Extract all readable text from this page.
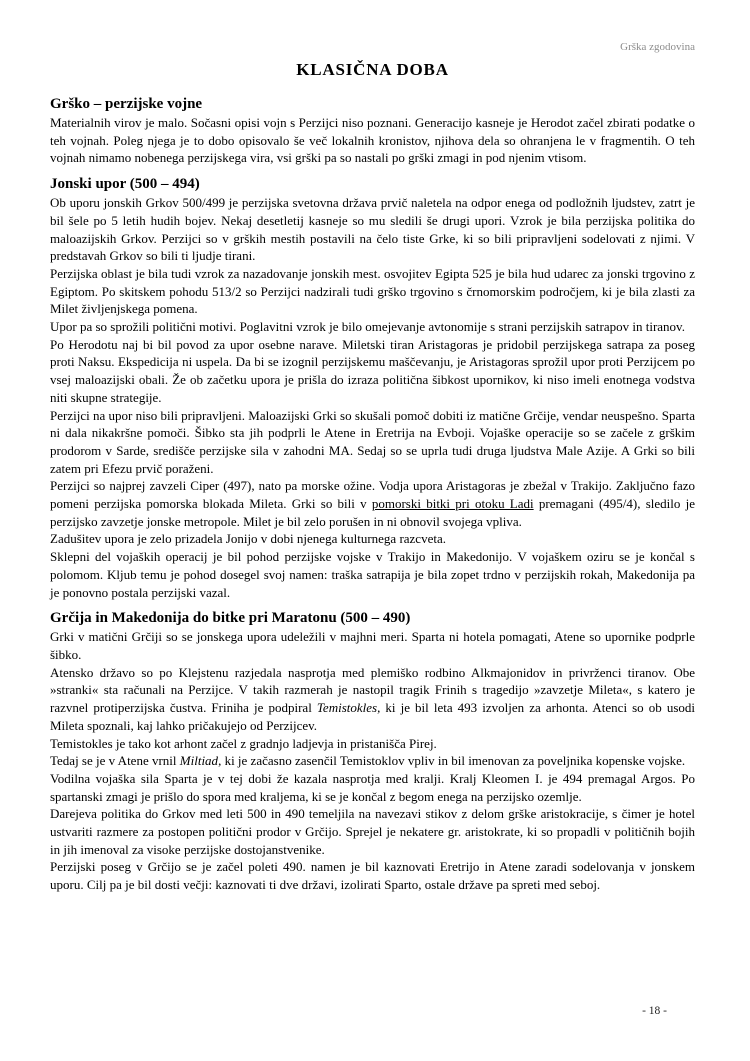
Grška zgodovina
KLASIČNA DOBA
Grško – perzijske vojne

Materialnih virov je malo. Sočasni opisi vojn s Perzijci niso poznani. Generacijo kasneje je Herodot začel zbirati podatke o teh vojnah. Poleg njega je to dobo opisovalo še več lokalnih kronistov, njihova dela so ohranjena le v fragmentih. O teh vojnah nimamo nobenega perzijskega vira, vsi grški pa so nastali po grški zmagi in pod njenim vtisom.

Jonski upor (500 – 494)

Ob uporu jonskih Grkov 500/499 je perzijska svetovna država prvič naletela na odpor enega od podložnih ljudstev, zatrt je bil šele po 5 letih hudih bojev. Nekaj desetletij kasneje so mu sledili še drugi upori. Vzrok je bila perzijska politika do maloazijskih Grkov. Perzijci so v grških mestih postavili na čelo tiste Grke, ki so bili pripravljeni sodelovati z njimi. V predstavah Grkov so bili ti ljudje tirani.

Perzijska oblast je bila tudi vzrok za nazadovanje jonskih mest. osvojitev Egipta 525 je bila hud udarec za jonski trgovino z Egiptom. Po skitskem pohodu 513/2 so Perzijci nadzirali tudi grško trgovino s črnomorskim področjem, ki je bila zlasti za Milet življenjskega pomena.

Upor pa so sprožili politični motivi. Poglavitni vzrok je bilo omejevanje avtonomije s strani perzijskih satrapov in tiranov.

Po Herodotu naj bi bil povod za upor osebne narave. Miletski tiran Aristagoras je pridobil perzijskega satrapa za poseg proti Naksu. Ekspedicija ni uspela. Da bi se izognil perzijskemu maščevanju, je Aristagoras sprožil upor proti Perzijcem po vsej maloazijski obali. Že ob začetku upora je prišla do izraza politična šibkost upornikov, ki niso imeli enotnega vodstva niti skupne strategije.

Perzijci na upor niso bili pripravljeni. Maloazijski Grki so skušali pomoč dobiti iz matične Grčije, vendar neuspešno. Sparta ni dala nikakršne pomoči. Šibko sta jih podprli le Atene in Eretrija na Evboji. Vojaške operacije so se začele z grškim prodorom v Sarde, središče perzijske sila v zahodni MA. Sedaj so se uprla tudi druga ljudstva Male Azije. A Grki so bili zatem pri Efezu prvič poraženi.

Perzijci so najprej zavzeli Ciper (497), nato pa morske ožine. Vodja upora Aristagoras je zbežal v Trakijo. Zaključno fazo pomeni perzijska pomorska blokada Mileta. Grki so bili v pomorski bitki pri otoku Ladi premagani (495/4), sledilo je perzijsko zavzetje jonske metropole. Milet je bil zelo porušen in ni obnovil svojega vpliva.

Zadušitev upora je zelo prizadela Jonijo v dobi njenega kulturnega razcveta.

Sklepni del vojaških operacij je bil pohod perzijske vojske v Trakijo in Makedonijo. V vojaškem oziru se je končal s polomom. Kljub temu je pohod dosegel svoj namen: traška satrapija je bila zopet trdno v perzijskih rokah, Makedonija pa je ponovno postala perzijski vazal.

Grčija in Makedonija do bitke pri Maratonu (500 – 490)

Grki v matični Grčiji so se jonskega upora udeležili v majhni meri. Sparta ni hotela pomagati, Atene so upornike podprle šibko.

Atensko državo so po Klejstenu razjedala nasprotja med plemiško rodbino Alkmajonidov in privrženci tiranov. Obe »stranki« sta računali na Perzijce. V takih razmerah je nastopil tragik Frinih s tragedijo »zavzetje Mileta«, s katero je razvnel protiperzijska čustva. Friniha je podpiral Temistokles, ki je bil leta 493 izvoljen za arhonta. Atenci so ob usodi Mileta spoznali, kaj lahko pričakujejo od Perzijcev.

Temistokles je tako kot arhont začel z gradnjo ladjevja in pristanišča Pirej.

Tedaj se je v Atene vrnil Miltiad, ki je začasno zasenčil Temistoklov vpliv in bil imenovan za poveljnika kopenske vojske.

Vodilna vojaška sila Sparta je v tej dobi že kazala nasprotja med kralji. Kralj Kleomen I. je 494 premagal Argos. Po spartanski zmagi je prišlo do spora med kraljema, ki se je končal z begom enega na perzijsko ozemlje.

Darejeva politika do Grkov med leti 500 in 490 temeljila na navezavi stikov z delom grške aristokracije, s čimer je hotel ustvariti razmere za postopen politični prodor v Grčijo. Sprejel je nekatere gr. aristokrate, ki so propadli v političnih bojih in jih imenoval za visoke perzijske dostojanstvenike.

Perzijski poseg v Grčijo se je začel poleti 490. namen je bil kaznovati Eretrijo in Atene zaradi sodelovanja v jonskem uporu. Cilj pa je bil dosti večji: kaznovati ti dve državi, izolirati Sparto, ostale države pa spreti med seboj.

- 18 -
